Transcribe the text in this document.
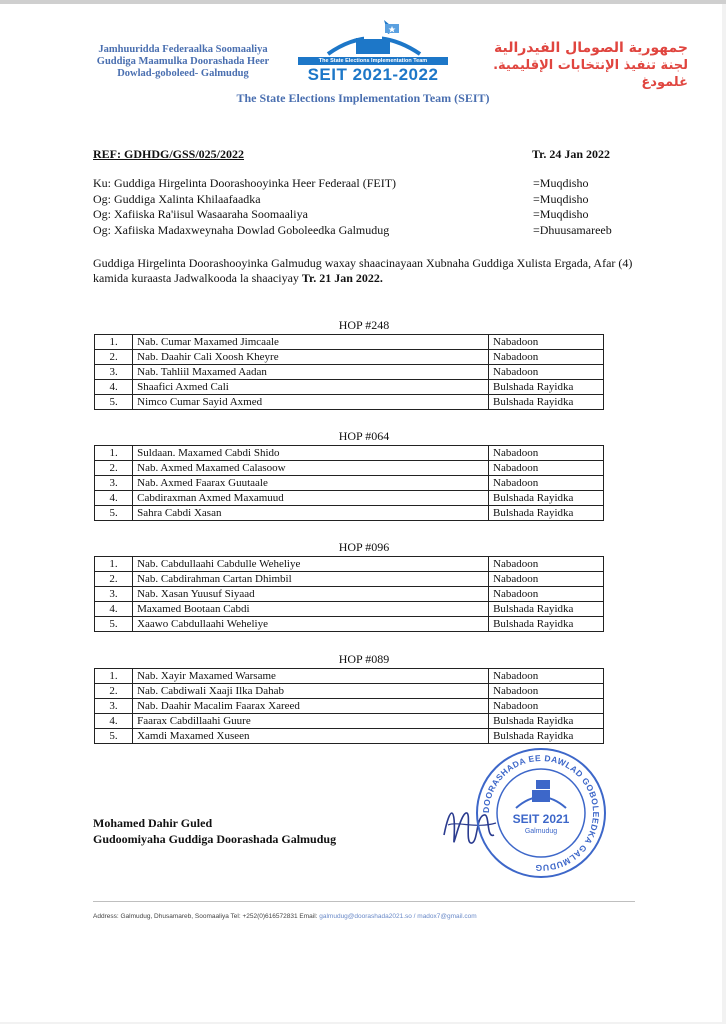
Jamhuuridda Federaalka Soomaaliya
Guddiga Maamulka Doorashada Heer
Dowlad-goboleed- Galmudug
The State Elections Implementation Team
SEIT 2021-2022
جمهورية الصومال الفيدرالية
لجنة تنفيذ الإنتخابات الإقليمية. غلمودغ
The State Elections Implementation Team (SEIT)
REF: GDHDG/GSS/025/2022	Tr. 24 Jan 2022
Ku: Guddiga Hirgelinta Doorashooyinka Heer Federaal (FEIT)	=Muqdisho
Og: Guddiga Xalinta Khilaafaadka	=Muqdisho
Og: Xafiiska Ra'iisul Wasaaraha Soomaaliya	=Muqdisho
Og: Xafiiska Madaxweynaha Dowlad Goboleedka Galmudug	=Dhuusamareeb
Guddiga Hirgelinta Doorashooyinka Galmudug waxay shaacinayaan Xubnaha Guddiga Xulista Ergada, Afar (4) kamida kuraasta Jadwalkooda la shaaciyay Tr. 21 Jan 2022.
HOP #248
1.	Nab. Cumar Maxamed Jimcaale	Nabadoon
2.	Nab. Daahir Cali Xoosh Kheyre	Nabadoon
3.	Nab. Tahliil Maxamed Aadan	Nabadoon
4.	Shaafici Axmed Cali	Bulshada Rayidka
5.	Nimco Cumar Sayid Axmed	Bulshada Rayidka
HOP #064
1.	Suldaan. Maxamed Cabdi Shido	Nabadoon
2.	Nab. Axmed Maxamed Calasoow	Nabadoon
3.	Nab. Axmed Faarax Guutaale	Nabadoon
4.	Cabdiraxman Axmed Maxamuud	Bulshada Rayidka
5.	Sahra Cabdi Xasan	Bulshada Rayidka
HOP #096
1.	Nab. Cabdullaahi Cabdulle Weheliye	Nabadoon
2.	Nab. Cabdirahman Cartan Dhimbil	Nabadoon
3.	Nab. Xasan Yuusuf Siyaad	Nabadoon
4.	Maxamed Bootaan Cabdi	Bulshada Rayidka
5.	Xaawo Cabdullaahi Weheliye	Bulshada Rayidka
HOP #089
1.	Nab. Xayir Maxamed Warsame	Nabadoon
2.	Nab. Cabdiwali Xaaji Ilka Dahab	Nabadoon
3.	Nab. Daahir Macalim Faarax Xareed	Nabadoon
4.	Faarax Cabdillaahi Guure	Bulshada Rayidka
5.	Xamdi Maxamed Xuseen	Bulshada Rayidka
Mohamed Dahir Guled
Gudoomiyaha Guddiga Doorashada Galmudug
DOORASHADA EE DAWLAD GOBOLEEDKA GALMUDUG
SEIT 2021
Galmudug
Address: Galmudug, Dhusamareb, Soomaaliya Tel: +252(0)616572831 Email: galmudug@doorashada2021.so / madox7@gmail.com
